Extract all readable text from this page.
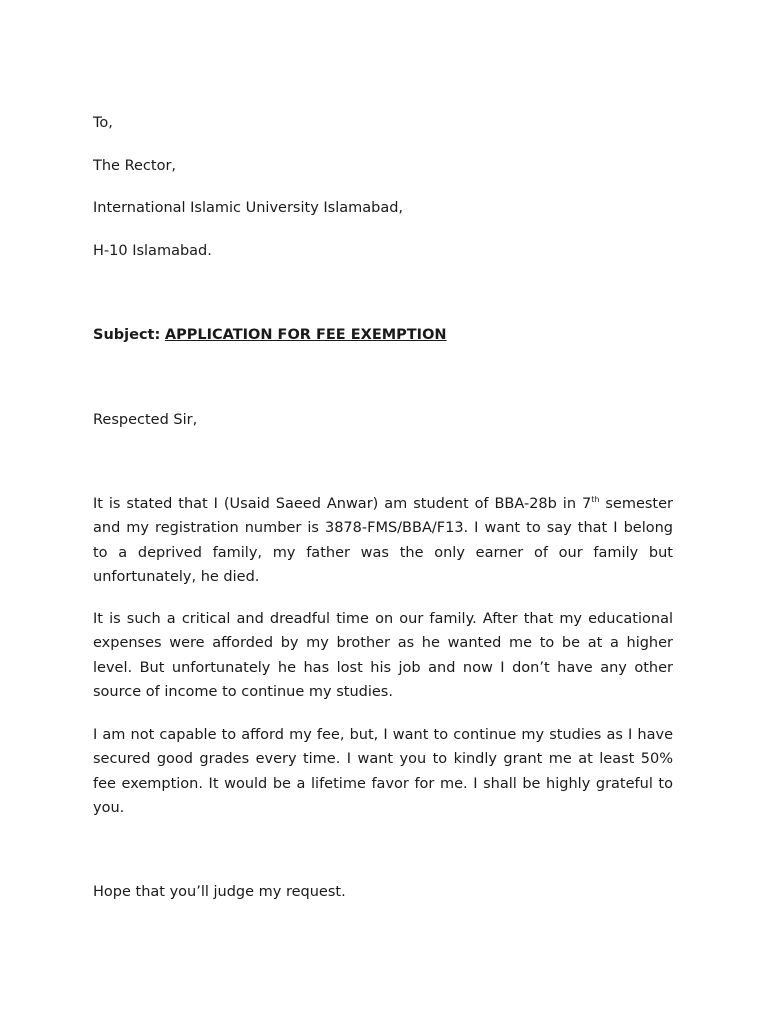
To,
The Rector,
International Islamic University Islamabad,
H-10 Islamabad.
Subject: APPLICATION FOR FEE EXEMPTION
Respected Sir,

It is stated that I (Usaid Saeed Anwar) am student of BBA-28b in 7th semester and my registration number is 3878-FMS/BBA/F13. I want to say that I belong to a deprived family, my father was the only earner of our family but unfortunately, he died.

It is such a critical and dreadful time on our family. After that my educational expenses were afforded by my brother as he wanted me to be at a higher level. But unfortunately he has lost his job and now I don’t have any other source of income to continue my studies.

I am not capable to afford my fee, but, I want to continue my studies as I have secured good grades every time. I want you to kindly grant me at least 50% fee exemption. It would be a lifetime favor for me. I shall be highly grateful to you.

Hope that you’ll judge my request.
